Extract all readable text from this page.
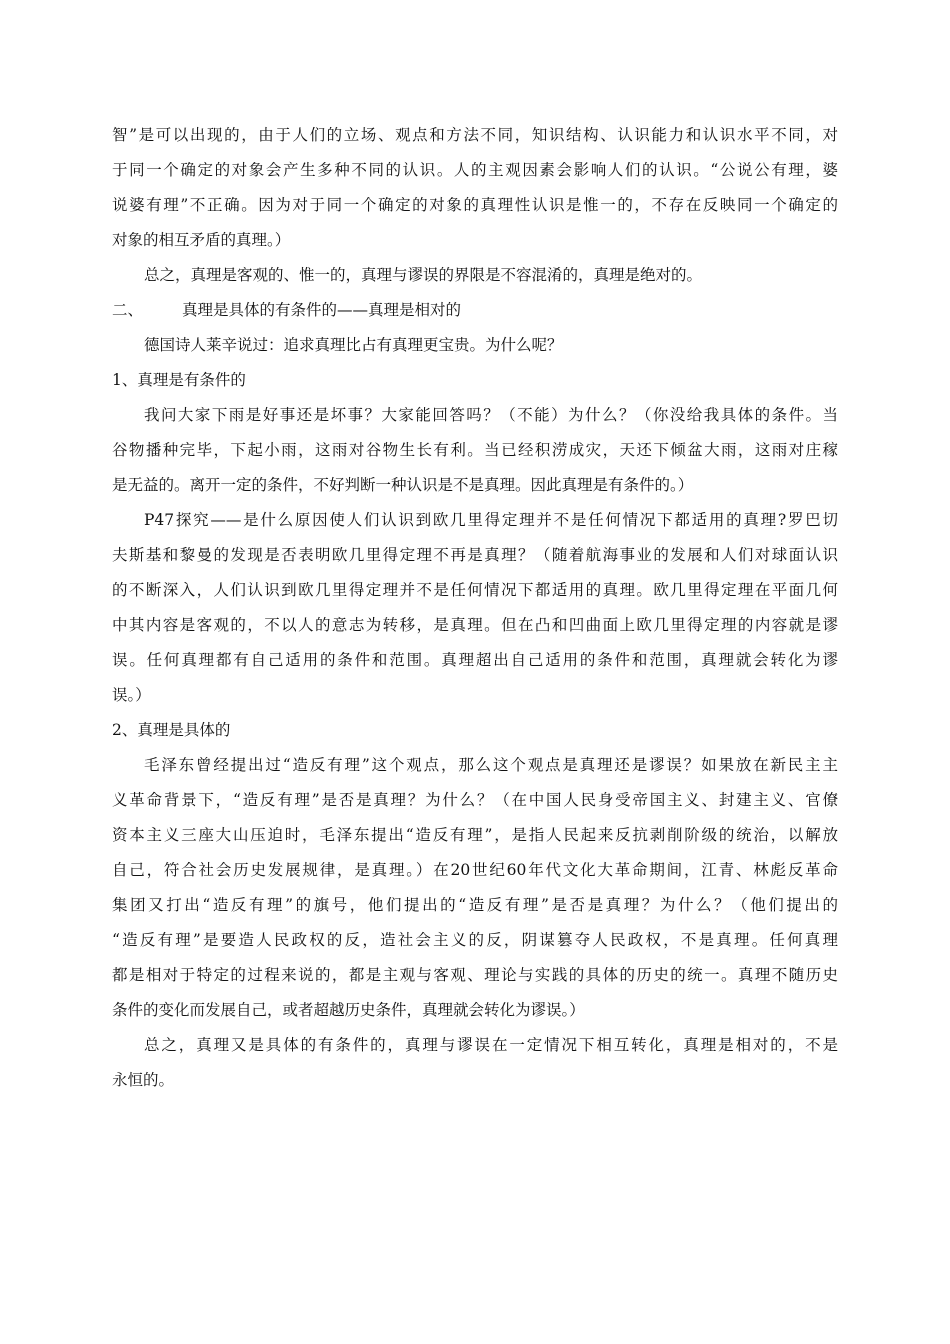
智”是可以出现的，由于人们的立场、观点和方法不同，知识结构、认识能力和认识水平不同，对
于同一个确定的对象会产生多种不同的认识。人的主观因素会影响人们的认识。“公说公有理，婆
说婆有理”不正确。因为对于同一个确定的对象的真理性认识是惟一的，不存在反映同一个确定的
对象的相互矛盾的真理。）
总之，真理是客观的、惟一的，真理与谬误的界限是不容混淆的，真理是绝对的。
二、	真理是具体的有条件的——真理是相对的
德国诗人莱辛说过：追求真理比占有真理更宝贵。为什么呢？
1、真理是有条件的
我问大家下雨是好事还是坏事？大家能回答吗？（不能）为什么？（你没给我具体的条件。当
谷物播种完毕，下起小雨，这雨对谷物生长有利。当已经积涝成灾，天还下倾盆大雨，这雨对庄稼
是无益的。离开一定的条件，不好判断一种认识是不是真理。因此真理是有条件的。）
P47探究——是什么原因使人们认识到欧几里得定理并不是任何情况下都适用的真理?罗巴切
夫斯基和黎曼的发现是否表明欧几里得定理不再是真理？（随着航海事业的发展和人们对球面认识
的不断深入，人们认识到欧几里得定理并不是任何情况下都适用的真理。欧几里得定理在平面几何
中其内容是客观的，不以人的意志为转移，是真理。但在凸和凹曲面上欧几里得定理的内容就是谬
误。任何真理都有自己适用的条件和范围。真理超出自己适用的条件和范围，真理就会转化为谬
误。）
2、真理是具体的
毛泽东曾经提出过“造反有理”这个观点，那么这个观点是真理还是谬误？如果放在新民主主
义革命背景下，“造反有理”是否是真理？为什么？（在中国人民身受帝国主义、封建主义、官僚
资本主义三座大山压迫时，毛泽东提出“造反有理”，是指人民起来反抗剥削阶级的统治，以解放
自己，符合社会历史发展规律，是真理。）在20世纪60年代文化大革命期间，江青、林彪反革命
集团又打出“造反有理”的旗号，他们提出的“造反有理”是否是真理？为什么？（他们提出的
“造反有理”是要造人民政权的反，造社会主义的反，阴谋篡夺人民政权，不是真理。任何真理
都是相对于特定的过程来说的，都是主观与客观、理论与实践的具体的历史的统一。真理不随历史
条件的变化而发展自己，或者超越历史条件，真理就会转化为谬误。）
总之，真理又是具体的有条件的，真理与谬误在一定情况下相互转化，真理是相对的，不是
永恒的。
